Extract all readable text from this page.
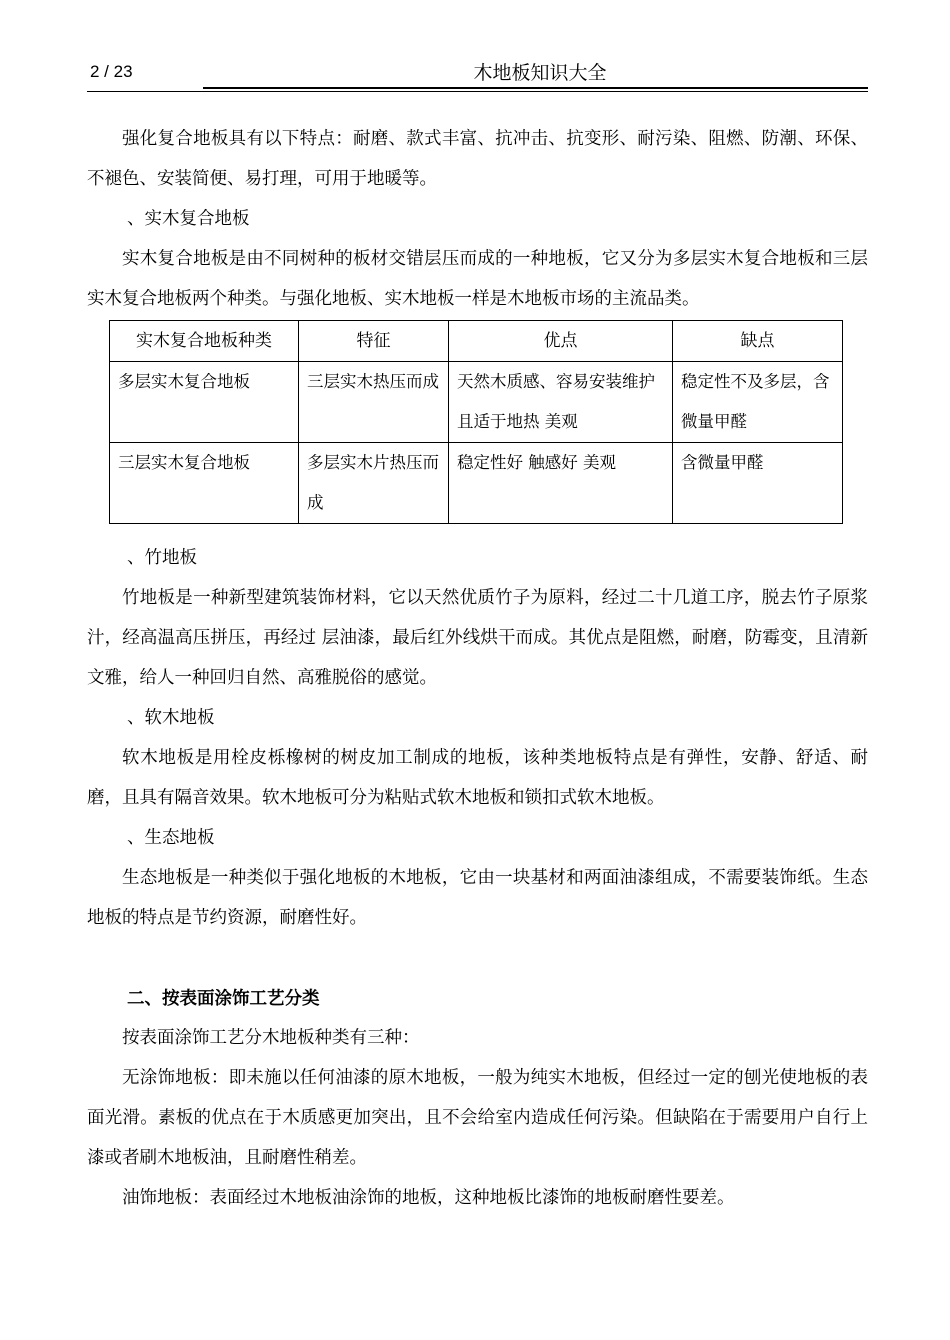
2 / 23	木地板知识大全

强化复合地板具有以下特点：耐磨、款式丰富、抗冲击、抗变形、耐污染、阻燃、防潮、环保、不褪色、安装简便、易打理，可用于地暖等。

、实木复合地板

实木复合地板是由不同树种的板材交错层压而成的一种地板，它又分为多层实木复合地板和三层实木复合地板两个种类。与强化地板、实木地板一样是木地板市场的主流品类。

实木复合地板种类	特征	优点	缺点
多层实木复合地板	三层实木热压而成	天然木质感、容易安装维护且适于地热 美观	稳定性不及多层，含微量甲醛
三层实木复合地板	多层实木片热压而成	稳定性好 触感好 美观	含微量甲醛

、竹地板

竹地板是一种新型建筑装饰材料，它以天然优质竹子为原料，经过二十几道工序，脱去竹子原浆汁，经高温高压拼压，再经过 层油漆，最后红外线烘干而成。其优点是阻燃，耐磨，防霉变，且清新文雅，给人一种回归自然、高雅脱俗的感觉。

、软木地板

软木地板是用栓皮栎橡树的树皮加工制成的地板，该种类地板特点是有弹性，安静、舒适、耐磨，且具有隔音效果。软木地板可分为粘贴式软木地板和锁扣式软木地板。

、生态地板

生态地板是一种类似于强化地板的木地板，它由一块基材和两面油漆组成，不需要装饰纸。生态地板的特点是节约资源，耐磨性好。

二、按表面涂饰工艺分类

按表面涂饰工艺分木地板种类有三种：

无涂饰地板：即未施以任何油漆的原木地板，一般为纯实木地板，但经过一定的刨光使地板的表面光滑。素板的优点在于木质感更加突出，且不会给室内造成任何污染。但缺陷在于需要用户自行上漆或者刷木地板油，且耐磨性稍差。

油饰地板：表面经过木地板油涂饰的地板，这种地板比漆饰的地板耐磨性要差。
